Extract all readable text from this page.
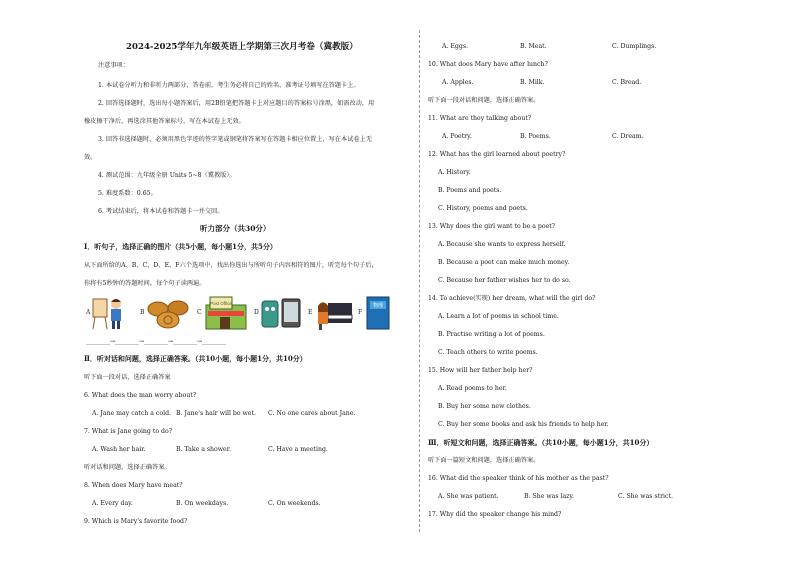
2024-2025学年九年级英语上学期第三次月考卷（冀教版）
注意事项：
1. 本试卷分听力和非听力两部分，答卷前，考生务必将自己的姓名、准考证号填写在答题卡上。
2. 回答选择题时，选出每小题答案后，用2B铅笔把答题卡上对应题目的答案标号涂黑，如需改动，用
橡皮擦干净后，再选涂其他答案标号。写在本试卷上无效。
3. 回答非选择题时，必须用黑色字迹的签字笔或钢笔将答案写在答题卡相应位置上，写在本试卷上无
效。
4. 测试范围：九年级全册 Units 5~8（冀教版）。
5. 难度系数：0.65。
6. 考试结束后，将本试卷和答题卡一并交回。
听力部分（共30分）
Ⅰ．听句子，选择正确的图片（共5小题，每小题1分，共5分）
从下面所给的A、B、C、D、E、F六个选项中，找出你选出与所听句子内容相符的图片，听完每个句子后，
你将有5秒钟的答题时间。每个句子读两遍。
A	B	C
Post Office
D	E	F
物理
________→________→________→________→________
Ⅱ．听对话和问题，选择正确答案。（共10小题，每小题1分，共10分）
听下面一段对话，选择正确答案
6. What does the man worry about?
A. Jane may catch a cold. B. Jane's hair will be wet. C. No one cares about Jane.
7. What is Jane going to do?
A. Wash her hair.	B. Take a shower.	C. Have a meeting.
听对话和问题，选择正确答案。
8. When does Mary have meat?
A. Every day.	B. On weekdays.	C. On weekends.
9. Which is Mary's favorite food?
A. Eggs.	B. Meat.	C. Dumplings.
10. What does Mary have after lunch?
A. Apples.	B. Milk.	C. Bread.
听下面一段对话和问题，选择正确答案。
11. What are they talking about?
A. Poetry.	B. Poems.	C. Dream.
12. What has the girl learned about poetry?
A. History.
B. Poems and poets.
C. History, poems and poets.
13. Why does the girl want to be a poet?
A. Because she wants to express herself.
B. Because a poet can make much money.
C. Because her father wishes her to do so.
14. To achieve(实现) her dream, what will the girl do?
A. Learn a lot of poems in school time.
B. Practise writing a lot of poems.
C. Teach others to write poems.
15. How will her father help her?
A. Read poems to her.
B. Buy her some new clothes.
C. Buy her some books and ask his friends to help her.
Ⅲ．听短文和问题，选择正确答案。（共10小题，每小题1分，共10分）
听下面一篇短文和问题，选择正确答案。
16. What did the speaker think of his mother as the past?
A. She was patient.	B. She was lazy.	C. She was strict.
17. Why did the speaker change his mind?
